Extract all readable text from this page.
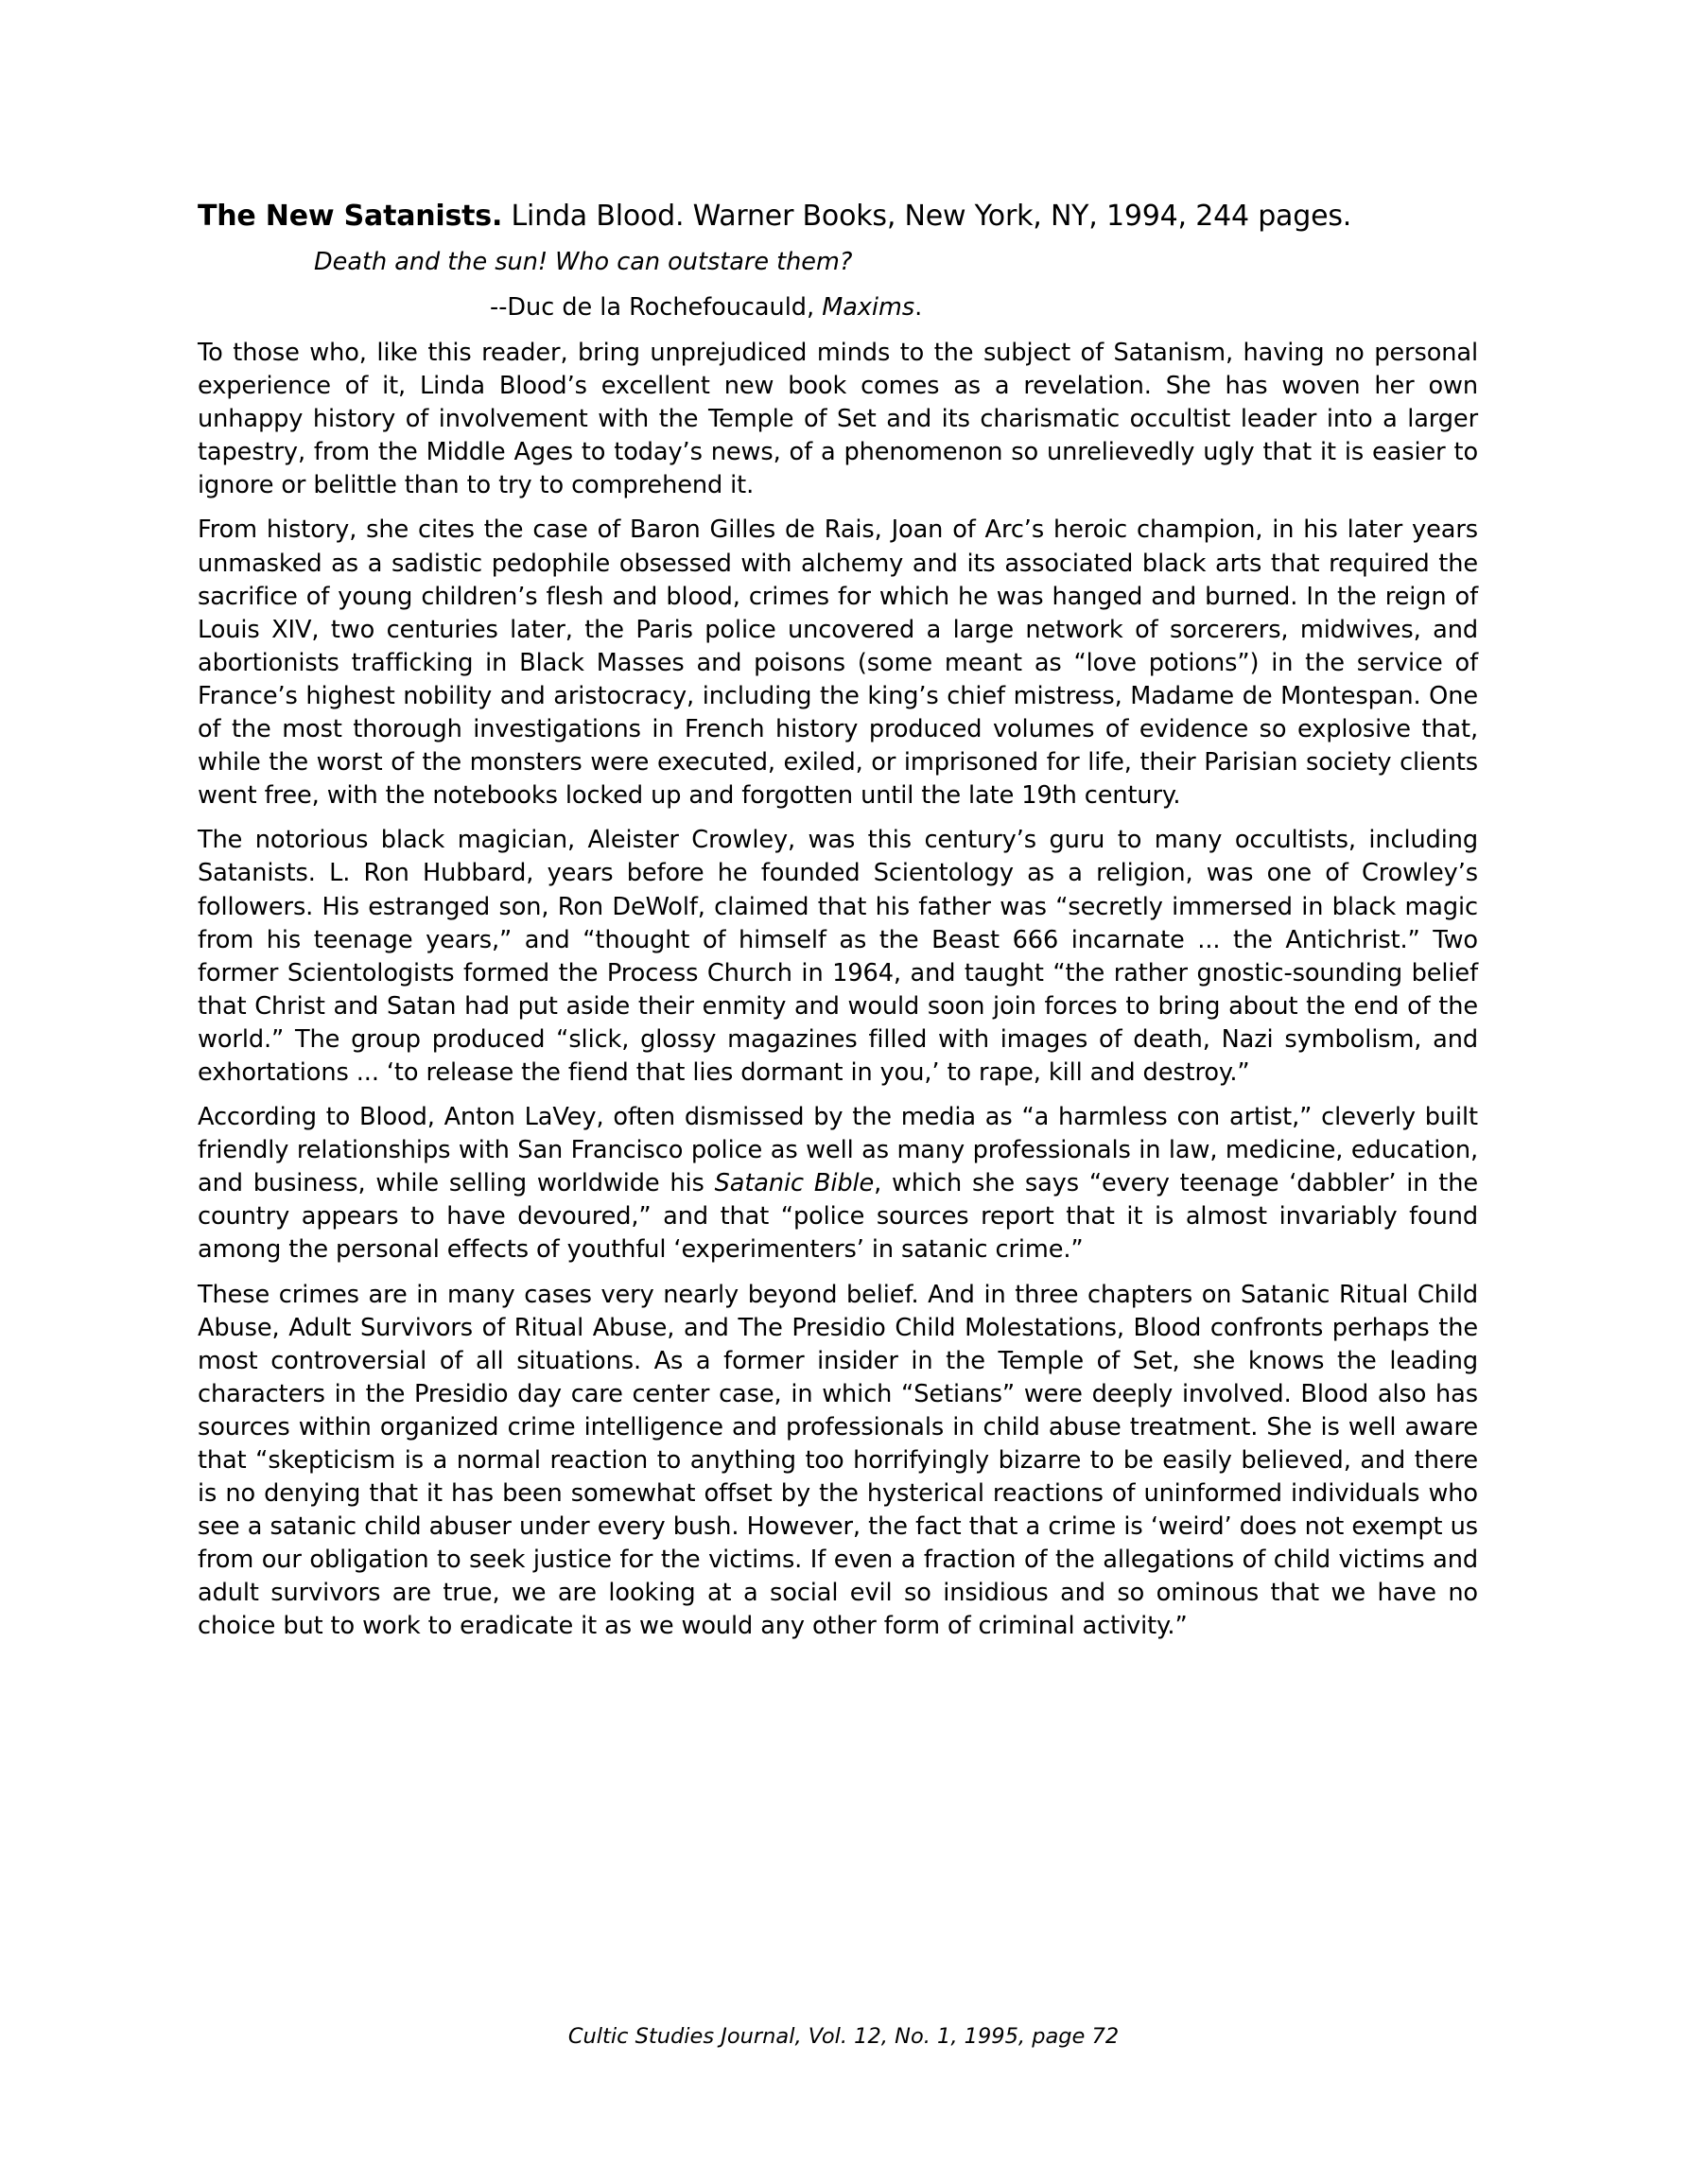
The New Satanists. Linda Blood. Warner Books, New York, NY, 1994, 244 pages.
Death and the sun! Who can outstare them?
--Duc de la Rochefoucauld, Maxims.

To those who, like this reader, bring unprejudiced minds to the subject of Satanism, having no personal experience of it, Linda Blood’s excellent new book comes as a revelation. She has woven her own unhappy history of involvement with the Temple of Set and its charismatic occultist leader into a larger tapestry, from the Middle Ages to today’s news, of a phenomenon so unrelievedly ugly that it is easier to ignore or belittle than to try to comprehend it.

From history, she cites the case of Baron Gilles de Rais, Joan of Arc’s heroic champion, in his later years unmasked as a sadistic pedophile obsessed with alchemy and its associated black arts that required the sacrifice of young children’s flesh and blood, crimes for which he was hanged and burned. In the reign of Louis XIV, two centuries later, the Paris police uncovered a large network of sorcerers, midwives, and abortionists trafficking in Black Masses and poisons (some meant as “love potions”) in the service of France’s highest nobility and aristocracy, including the king’s chief mistress, Madame de Montespan. One of the most thorough investigations in French history produced volumes of evidence so explosive that, while the worst of the monsters were executed, exiled, or imprisoned for life, their Parisian society clients went free, with the notebooks locked up and forgotten until the late 19th century.

The notorious black magician, Aleister Crowley, was this century’s guru to many occultists, including Satanists. L. Ron Hubbard, years before he founded Scientology as a religion, was one of Crowley’s followers. His estranged son, Ron DeWolf, claimed that his father was “secretly immersed in black magic from his teenage years,” and “thought of himself as the Beast 666 incarnate ... the Antichrist.” Two former Scientologists formed the Process Church in 1964, and taught “the rather gnostic-sounding belief that Christ and Satan had put aside their enmity and would soon join forces to bring about the end of the world.” The group produced “slick, glossy magazines filled with images of death, Nazi symbolism, and exhortations ... ‘to release the fiend that lies dormant in you,’ to rape, kill and destroy.”

According to Blood, Anton LaVey, often dismissed by the media as “a harmless con artist,” cleverly built friendly relationships with San Francisco police as well as many professionals in law, medicine, education, and business, while selling worldwide his Satanic Bible, which she says “every teenage ‘dabbler’ in the country appears to have devoured,” and that “police sources report that it is almost invariably found among the personal effects of youthful ‘experimenters’ in satanic crime.”

These crimes are in many cases very nearly beyond belief. And in three chapters on Satanic Ritual Child Abuse, Adult Survivors of Ritual Abuse, and The Presidio Child Molestations, Blood confronts perhaps the most controversial of all situations. As a former insider in the Temple of Set, she knows the leading characters in the Presidio day care center case, in which “Setians” were deeply involved. Blood also has sources within organized crime intelligence and professionals in child abuse treatment. She is well aware that “skepticism is a normal reaction to anything too horrifyingly bizarre to be easily believed, and there is no denying that it has been somewhat offset by the hysterical reactions of uninformed individuals who see a satanic child abuser under every bush. However, the fact that a crime is ‘weird’ does not exempt us from our obligation to seek justice for the victims. If even a fraction of the allegations of child victims and adult survivors are true, we are looking at a social evil so insidious and so ominous that we have no choice but to work to eradicate it as we would any other form of criminal activity.”

Cultic Studies Journal, Vol. 12, No. 1, 1995, page 72
